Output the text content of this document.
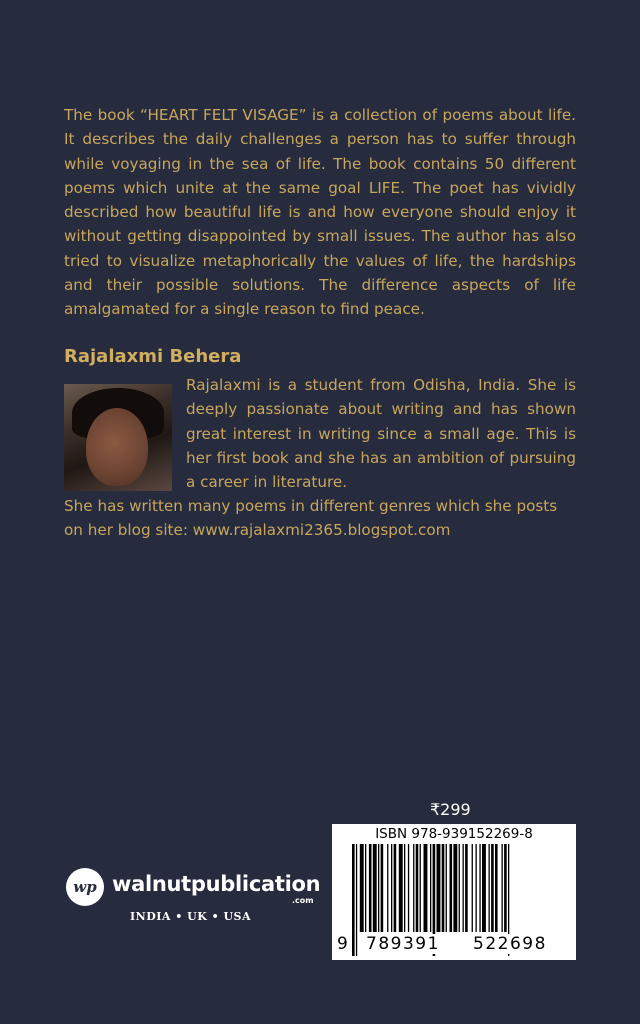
The book “HEART FELT VISAGE” is a collection of poems about life. It describes the daily challenges a person has to suffer through while voyaging in the sea of life. The book contains 50 different poems which unite at the same goal LIFE. The poet has vividly described how beautiful life is and how everyone should enjoy it without getting disappointed by small issues. The author has also tried to visualize metaphorically the values of life, the hardships and their possible solutions. The difference aspects of life amalgamated for a single reason to find peace.

Rajalaxmi Behera

Rajalaxmi is a student from Odisha, India. She is deeply passionate about writing and has shown great interest in writing since a small age. This is her first book and she has an ambition of pursuing a career in literature.

She has written many poems in different genres which she posts on her blog site: www.rajalaxmi2365.blogspot.com

₹299
ISBN 978-939152269-8
9 789391 522698
wp walnutpublication
.com
INDIA • UK • USA
